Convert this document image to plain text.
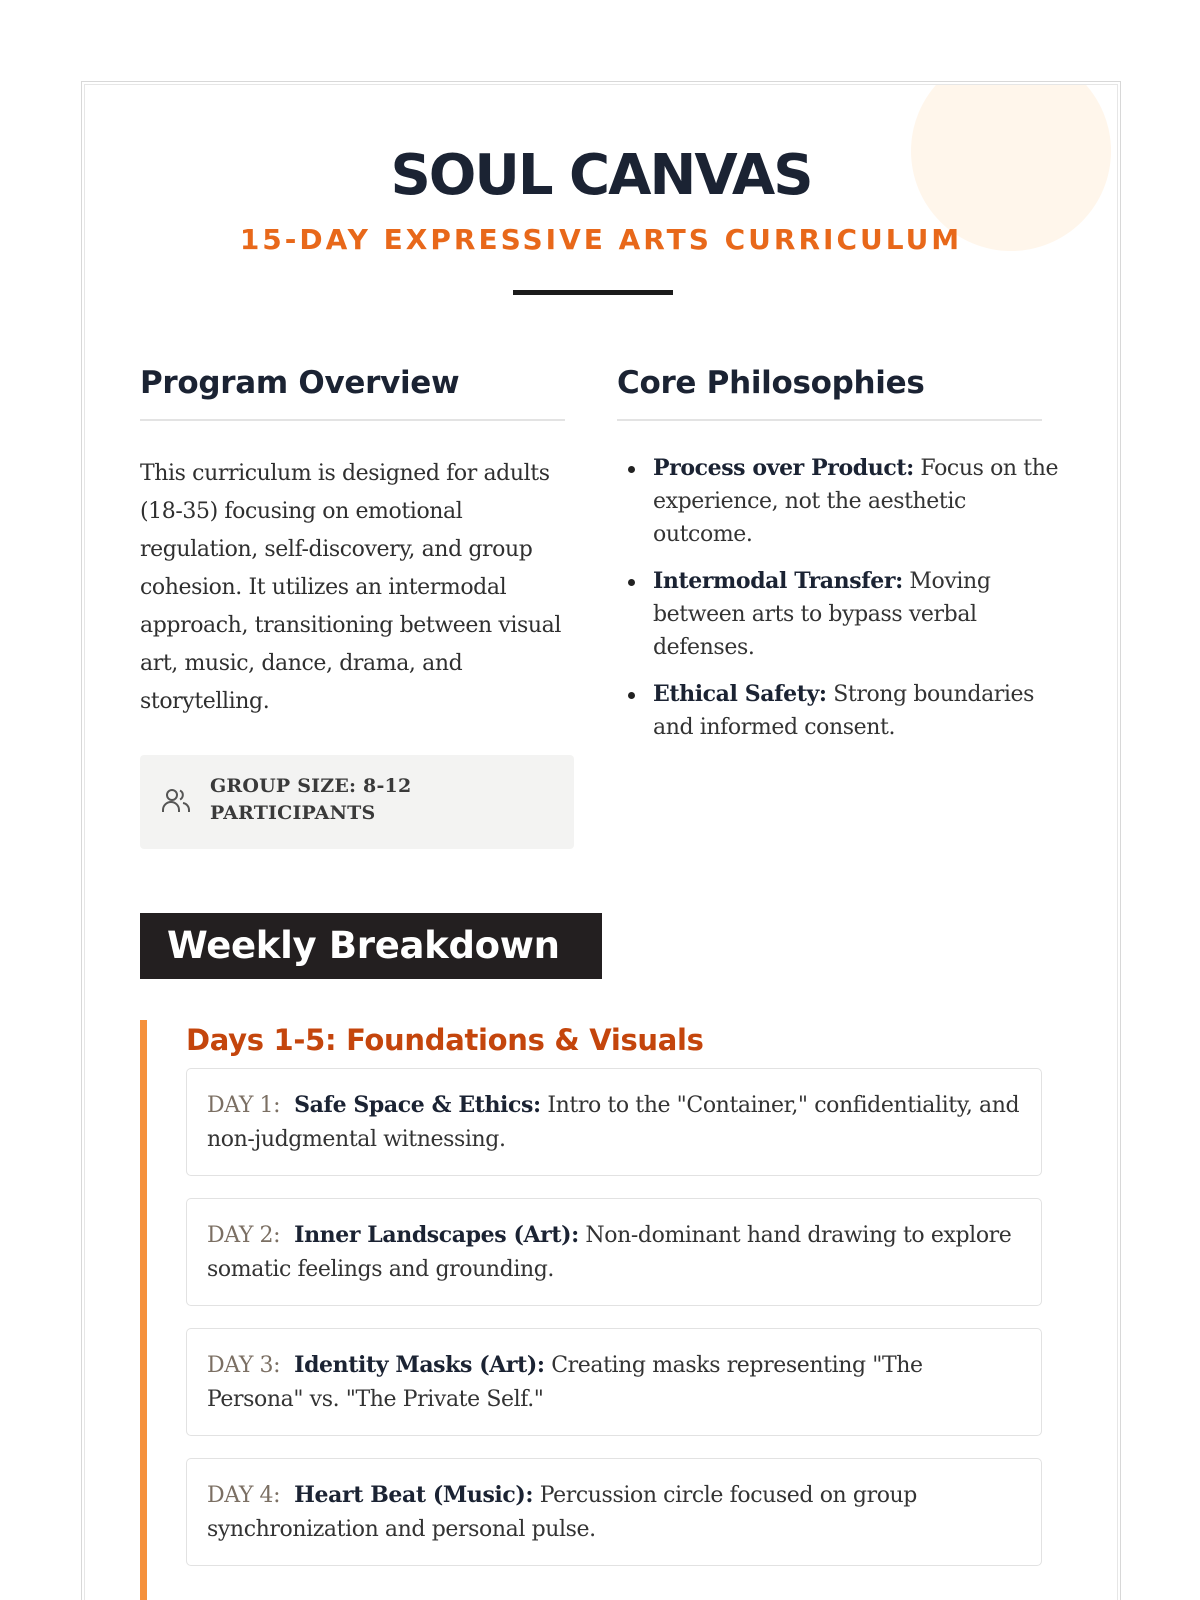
SOUL CANVAS
15-DAY EXPRESSIVE ARTS CURRICULUM
Program Overview
This curriculum is designed for adults (18-35) focusing on emotional regulation, self-discovery, and group cohesion. It utilizes an intermodal approach, transitioning between visual art, music, dance, drama, and storytelling.
GROUP SIZE: 8-12 PARTICIPANTS
Core Philosophies
Process over Product: Focus on the experience, not the aesthetic outcome.
Intermodal Transfer: Moving between arts to bypass verbal defenses.
Ethical Safety: Strong boundaries and informed consent.
Weekly Breakdown
Days 1-5: Foundations & Visuals
DAY 1: Safe Space & Ethics: Intro to the "Container," confidentiality, and non-judgmental witnessing.
DAY 2: Inner Landscapes (Art): Non-dominant hand drawing to explore somatic feelings and grounding.
DAY 3: Identity Masks (Art): Creating masks representing "The Persona" vs. "The Private Self."
DAY 4: Heart Beat (Music): Percussion circle focused on group synchronization and personal pulse.
